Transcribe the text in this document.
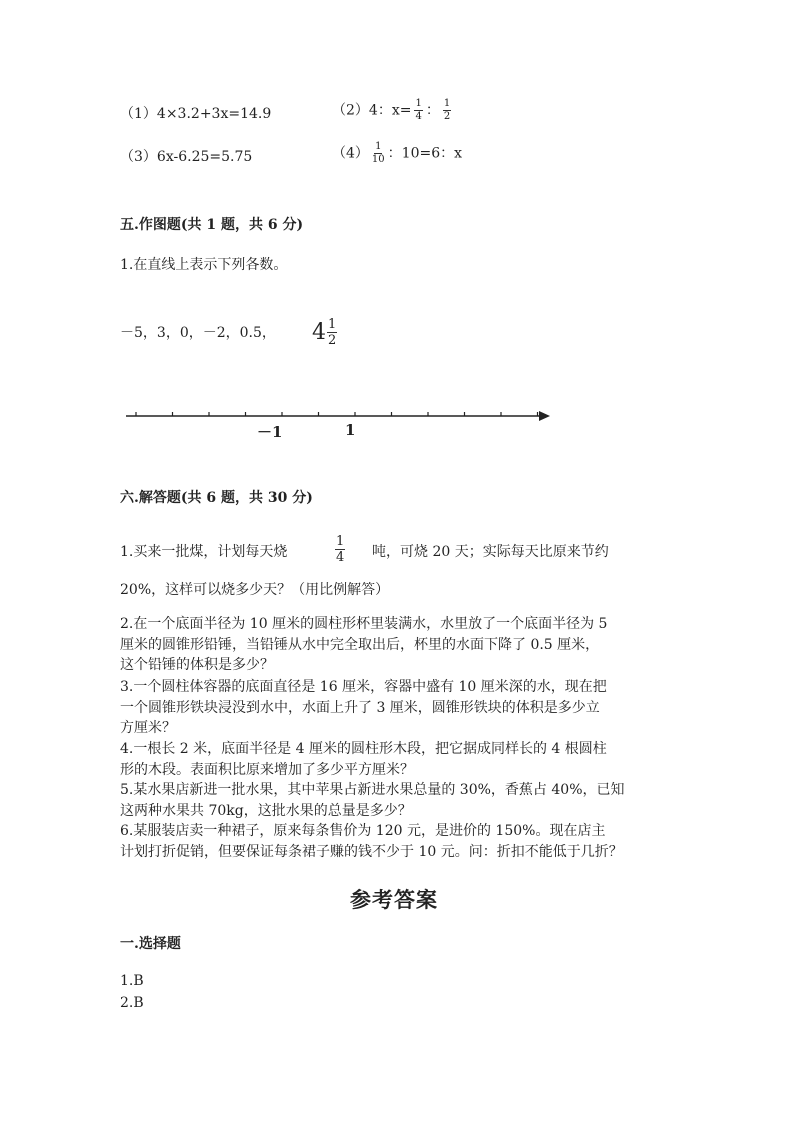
（1）4×3.2+3x=14.9	（2）4：$x= \frac{1}{4}$ ： $\frac{1}{2}$
（3）6x-6.25=5.75	$(4) \frac{1}{10}$ ：10=6：x
五.作图题(共 1 题，共 6 分)
1.在直线上表示下列各数。
－5，3，0，－2，0.5， $4 \frac{1}{2}$
－1	1
六.解答题(共 6 题，共 30 分)
1.买来一批煤，计划每天烧	$\frac{1}{4}$ 吨，可烧 20 天；实际每天比原来节约
20%，这样可以烧多少天？（用比例解答）
2.在一个底面半径为 10 厘米的圆柱形杯里装满水，水里放了一个底面半径为 5
厘米的圆锥形铅锤，当铅锤从水中完全取出后，杯里的水面下降了 0.5 厘米，
这个铅锤的体积是多少？
3.一个圆柱体容器的底面直径是 16 厘米，容器中盛有 10 厘米深的水，现在把
一个圆锥形铁块浸没到水中，水面上升了 3 厘米，圆锥形铁块的体积是多少立
方厘米？
4.一根长 2 米，底面半径是 4 厘米的圆柱形木段，把它据成同样长的 4 根圆柱
形的木段。表面积比原来增加了多少平方厘米？
5.某水果店新进一批水果，其中苹果占新进水果总量的 30%，香蕉占 40%，已知
这两种水果共 70kg，这批水果的总量是多少？
6.某服装店卖一种裙子，原来每条售价为 120 元，是进价的 150%。现在店主
计划打折促销，但要保证每条裙子赚的钱不少于 10 元。问：折扣不能低于几折？
参考答案
一.选择题
1.B
2.B
